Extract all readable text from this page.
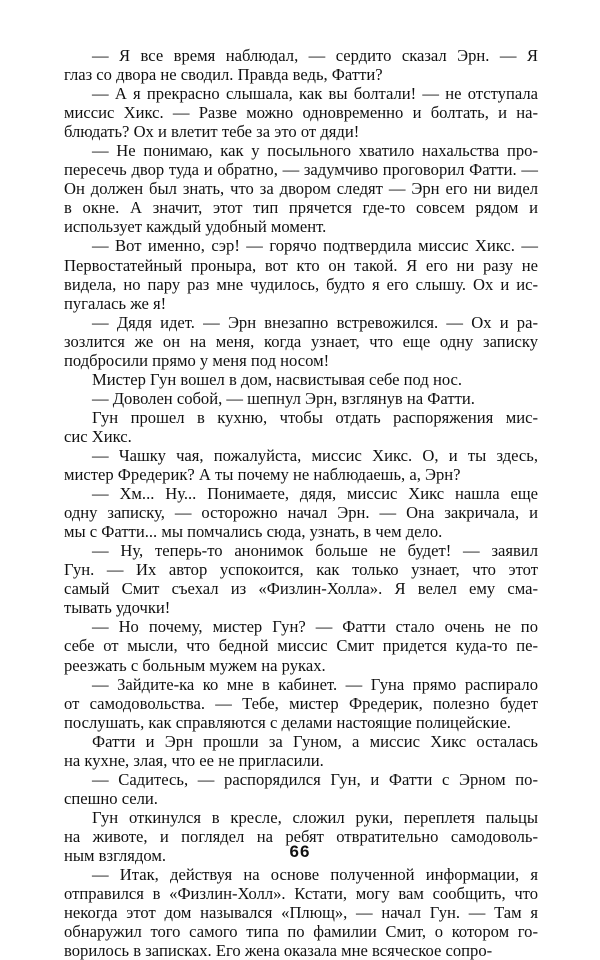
— Я все время наблюдал, — сердито сказал Эрн. — Я
глаз со двора не сводил. Правда ведь, Фатти?

— А я прекрасно слышала, как вы болтали! — не отступала
миссис Хикс. — Разве можно одновременно и болтать, и на-
блюдать? Ох и влетит тебе за это от дяди!

— Не понимаю, как у посыльного хватило нахальства про-
пересечь двор туда и обратно, — задумчиво проговорил Фатти. —
Он должен был знать, что за двором следят — Эрн его ни видел
в окне. А значит, этот тип прячется где-то совсем рядом и
использует каждый удобный момент.

— Вот именно, сэр! — горячо подтвердила миссис Хикс. —
Первостатейный проныра, вот кто он такой. Я его ни разу не
видела, но пару раз мне чудилось, будто я его слышу. Ох и ис-
пугалась же я!

— Дядя идет. — Эрн внезапно встревожился. — Ох и ра-
зозлится же он на меня, когда узнает, что еще одну записку
подбросили прямо у меня под носом!

Мистер Гун вошел в дом, насвистывая себе под нос.

— Доволен собой, — шепнул Эрн, взглянув на Фатти.

Гун прошел в кухню, чтобы отдать распоряжения мис-
сис Хикс.

— Чашку чая, пожалуйста, миссис Хикс. О, и ты здесь,
мистер Фредерик? А ты почему не наблюдаешь, а, Эрн?

— Хм... Ну... Понимаете, дядя, миссис Хикс нашла еще
одну записку, — осторожно начал Эрн. — Она закричала, и
мы с Фатти... мы помчались сюда, узнать, в чем дело.

— Ну, теперь-то анонимок больше не будет! — заявил
Гун. — Их автор успокоится, как только узнает, что этот
самый Смит съехал из «Физлин-Холла». Я велел ему сма-
тывать удочки!

— Но почему, мистер Гун? — Фатти стало очень не по
себе от мысли, что бедной миссис Смит придется куда-то пе-
реезжать с больным мужем на руках.

— Зайдите-ка ко мне в кабинет. — Гуна прямо распирало
от самодовольства. — Тебе, мистер Фредерик, полезно будет
послушать, как справляются с делами настоящие полицейские.

Фатти и Эрн прошли за Гуном, а миссис Хикс осталась
на кухне, злая, что ее не пригласили.

— Садитесь, — распорядился Гун, и Фатти с Эрном по-
спешно сели.

Гун откинулся в кресле, сложил руки, переплетя пальцы
на животе, и поглядел на ребят отвратительно самодоволь-
ным взглядом.

— Итак, действуя на основе полученной информации, я
отправился в «Физлин-Холл». Кстати, могу вам сообщить, что
некогда этот дом назывался «Плющ», — начал Гун. — Там я
обнаружил того самого типа по фамилии Смит, о котором го-
ворилось в записках. Его жена оказала мне всяческое сопро-

66
